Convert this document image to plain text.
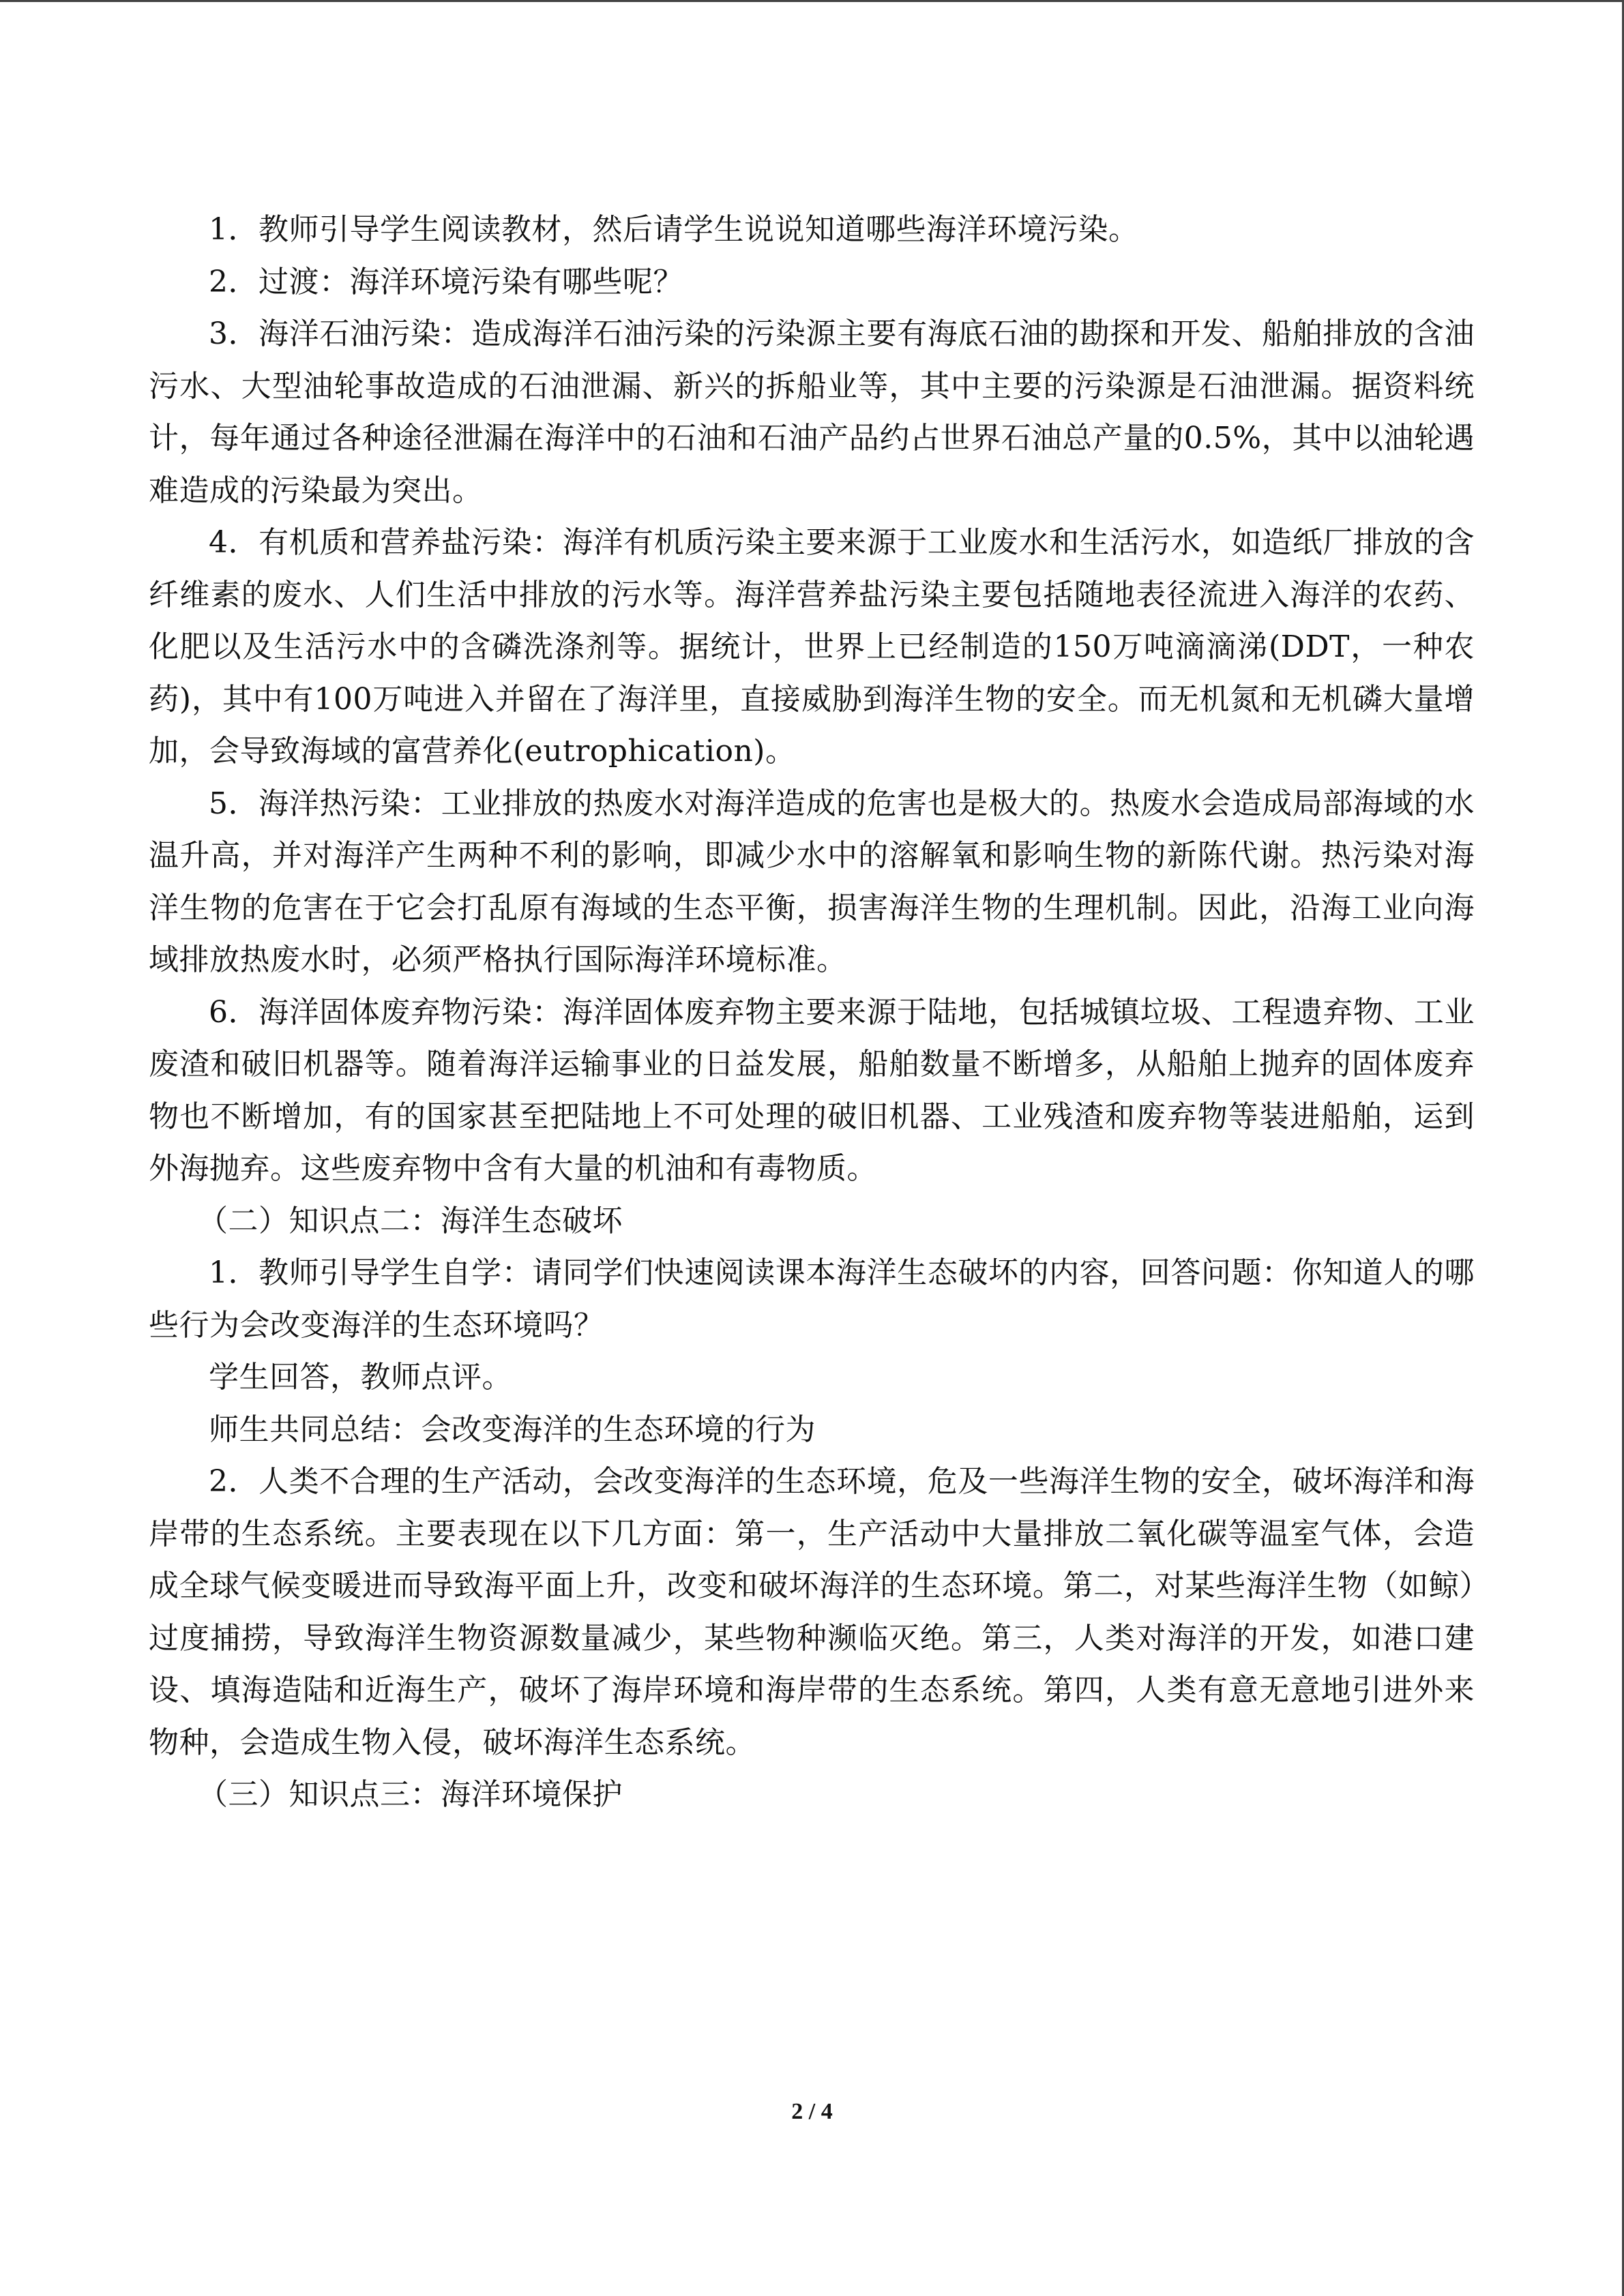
1．教师引导学生阅读教材，然后请学生说说知道哪些海洋环境污染。

2．过渡：海洋环境污染有哪些呢？

3．海洋石油污染：造成海洋石油污染的污染源主要有海底石油的勘探和开发、船舶排放的含油污水、大型油轮事故造成的石油泄漏、新兴的拆船业等，其中主要的污染源是石油泄漏。据资料统计，每年通过各种途径泄漏在海洋中的石油和石油产品约占世界石油总产量的0.5%，其中以油轮遇难造成的污染最为突出。

4．有机质和营养盐污染：海洋有机质污染主要来源于工业废水和生活污水，如造纸厂排放的含纤维素的废水、人们生活中排放的污水等。海洋营养盐污染主要包括随地表径流进入海洋的农药、化肥以及生活污水中的含磷洗涤剂等。据统计，世界上已经制造的150万吨滴滴涕(DDT，一种农药)，其中有100万吨进入并留在了海洋里，直接威胁到海洋生物的安全。而无机氮和无机磷大量增加，会导致海域的富营养化(eutrophication)。

5．海洋热污染：工业排放的热废水对海洋造成的危害也是极大的。热废水会造成局部海域的水温升高，并对海洋产生两种不利的影响，即减少水中的溶解氧和影响生物的新陈代谢。热污染对海洋生物的危害在于它会打乱原有海域的生态平衡，损害海洋生物的生理机制。因此，沿海工业向海域排放热废水时，必须严格执行国际海洋环境标准。

6．海洋固体废弃物污染：海洋固体废弃物主要来源于陆地，包括城镇垃圾、工程遗弃物、工业废渣和破旧机器等。随着海洋运输事业的日益发展，船舶数量不断增多，从船舶上抛弃的固体废弃物也不断增加，有的国家甚至把陆地上不可处理的破旧机器、工业残渣和废弃物等装进船舶，运到外海抛弃。这些废弃物中含有大量的机油和有毒物质。

（二）知识点二：海洋生态破坏

1．教师引导学生自学：请同学们快速阅读课本海洋生态破坏的内容，回答问题：你知道人的哪些行为会改变海洋的生态环境吗？

学生回答，教师点评。

师生共同总结：会改变海洋的生态环境的行为

2．人类不合理的生产活动，会改变海洋的生态环境，危及一些海洋生物的安全，破坏海洋和海岸带的生态系统。主要表现在以下几方面：第一，生产活动中大量排放二氧化碳等温室气体，会造成全球气候变暖进而导致海平面上升，改变和破坏海洋的生态环境。第二，对某些海洋生物（如鲸）过度捕捞，导致海洋生物资源数量减少，某些物种濒临灭绝。第三，人类对海洋的开发，如港口建设、填海造陆和近海生产，破坏了海岸环境和海岸带的生态系统。第四，人类有意无意地引进外来物种，会造成生物入侵，破坏海洋生态系统。

（三）知识点三：海洋环境保护

2 / 4
